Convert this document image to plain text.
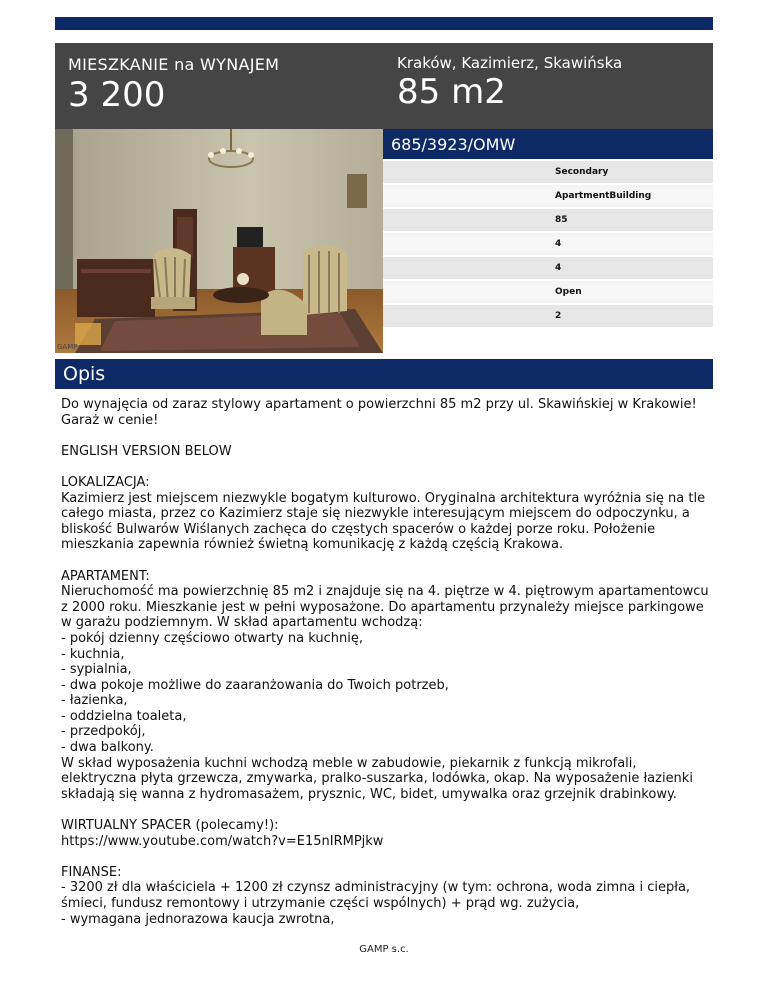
MIESZKANIE na WYNAJEM
3 200
Kraków, Kazimierz, Skawińska
85 m2
GAMP
685/3923/OMW
Secondary
ApartmentBuilding
85
4
4
Open
2
Opis

Do wynajęcia od zaraz stylowy apartament o powierzchni 85 m2 przy ul. Skawińskiej w Krakowie!
Garaż w cenie!

ENGLISH VERSION BELOW

LOKALIZACJA:
Kazimierz jest miejscem niezwykle bogatym kulturowo. Oryginalna architektura wyróżnia się na tle całego miasta, przez co Kazimierz staje się niezwykle interesującym miejscem do odpoczynku, a bliskość Bulwarów Wiślanych zachęca do częstych spacerów o każdej porze roku. Położenie mieszkania zapewnia również świetną komunikację z każdą częścią Krakowa.

APARTAMENT:
Nieruchomość ma powierzchnię 85 m2 i znajduje się na 4. piętrze w 4. piętrowym apartamentowcu z 2000 roku. Mieszkanie jest w pełni wyposażone. Do apartamentu przynależy miejsce parkingowe w garażu podziemnym. W skład apartamentu wchodzą:
- pokój dzienny częściowo otwarty na kuchnię,
- kuchnia,
- sypialnia,
- dwa pokoje możliwe do zaaranżowania do Twoich potrzeb,
- łazienka,
- oddzielna toaleta,
- przedpokój,
- dwa balkony.
W skład wyposażenia kuchni wchodzą meble w zabudowie, piekarnik z funkcją mikrofali, elektryczna płyta grzewcza, zmywarka, pralko-suszarka, lodówka, okap. Na wyposażenie łazienki składają się wanna z hydromasażem, prysznic, WC, bidet, umywalka oraz grzejnik drabinkowy.

WIRTUALNY SPACER (polecamy!):
https://www.youtube.com/watch?v=E15nIRMPjkw

FINANSE:
- 3200 zł dla właściciela + 1200 zł czynsz administracyjny (w tym: ochrona, woda zimna i ciepła, śmieci, fundusz remontowy i utrzymanie części wspólnych) + prąd wg. zużycia,
- wymagana jednorazowa kaucja zwrotna,

GAMP s.c.
